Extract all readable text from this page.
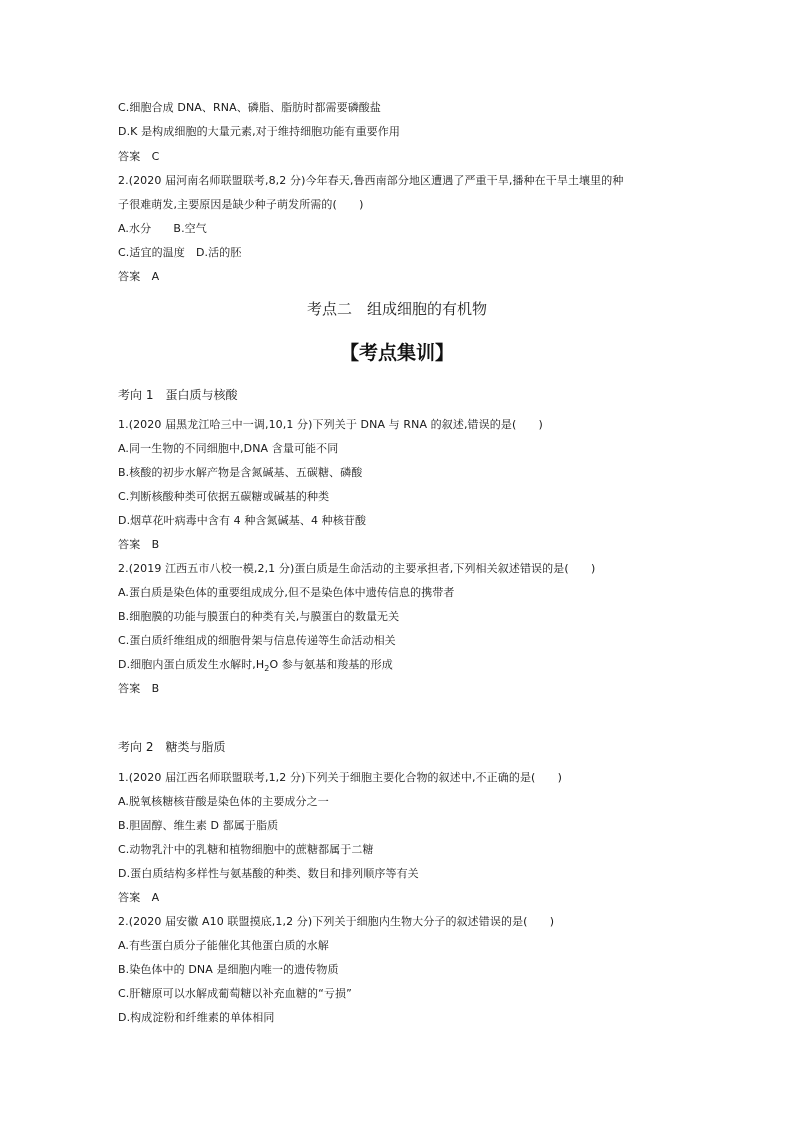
C.细胞合成 DNA、RNA、磷脂、脂肪时都需要磷酸盐
D.K 是构成细胞的大量元素,对于维持细胞功能有重要作用
答案　C
2.(2020 届河南名师联盟联考,8,2 分)今年春天,鲁西南部分地区遭遇了严重干旱,播种在干旱土壤里的种
子很难萌发,主要原因是缺少种子萌发所需的(　　)
A.水分　　B.空气
C.适宜的温度　D.活的胚
答案　A
考点二　组成细胞的有机物
【考点集训】
考向 1　蛋白质与核酸
1.(2020 届黑龙江哈三中一调,10,1 分)下列关于 DNA 与 RNA 的叙述,错误的是(　　)
A.同一生物的不同细胞中,DNA 含量可能不同
B.核酸的初步水解产物是含氮碱基、五碳糖、磷酸
C.判断核酸种类可依据五碳糖或碱基的种类
D.烟草花叶病毒中含有 4 种含氮碱基、4 种核苷酸
答案　B
2.(2019 江西五市八校一模,2,1 分)蛋白质是生命活动的主要承担者,下列相关叙述错误的是(　　)
A.蛋白质是染色体的重要组成成分,但不是染色体中遗传信息的携带者
B.细胞膜的功能与膜蛋白的种类有关,与膜蛋白的数量无关
C.蛋白质纤维组成的细胞骨架与信息传递等生命活动相关
D.细胞内蛋白质发生水解时$,H_2O$ 参与氨基和羧基的形成
答案　B
考向 2　糖类与脂质
1.(2020 届江西名师联盟联考,1,2 分)下列关于细胞主要化合物的叙述中,不正确的是(　　)
A.脱氧核糖核苷酸是染色体的主要成分之一
B.胆固醇、维生素 D 都属于脂质
C.动物乳汁中的乳糖和植物细胞中的蔗糖都属于二糖
D.蛋白质结构多样性与氨基酸的种类、数目和排列顺序等有关
答案　A
2.(2020 届安徽 A10 联盟摸底,1,2 分)下列关于细胞内生物大分子的叙述错误的是(　　)
A.有些蛋白质分子能催化其他蛋白质的水解
B.染色体中的 DNA 是细胞内唯一的遗传物质
C.肝糖原可以水解成葡萄糖以补充血糖的“亏损”
D.构成淀粉和纤维素的单体相同
